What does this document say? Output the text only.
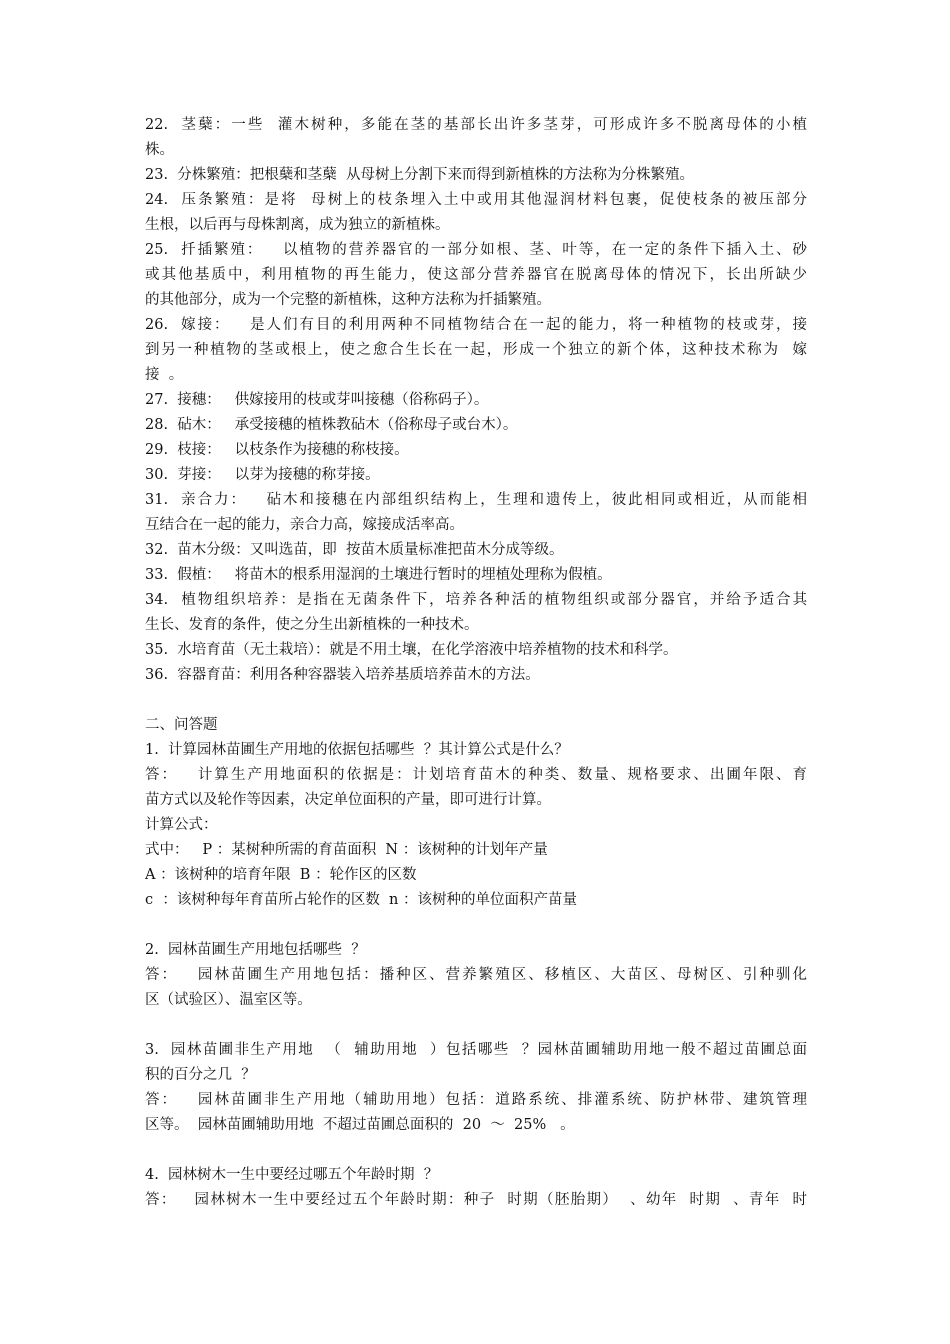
22.  茎蘖：一些  灌木树种，多能在茎的基部长出许多茎芽，可形成许多不脱离母体的小植
株。
23.  分株繁殖：把根蘖和茎蘖  从母树上分割下来而得到新植株的方法称为分株繁殖。
24.  压条繁殖：是将  母树上的枝条埋入土中或用其他湿润材料包裹，促使枝条的被压部分
生根，以后再与母株割离，成为独立的新植株。
25.  扦插繁殖：   以植物的营养器官的一部分如根、茎、叶等，在一定的条件下插入土、砂
或其他基质中，利用植物的再生能力，使这部分营养器官在脱离母体的情况下，长出所缺少
的其他部分，成为一个完整的新植株，这种方法称为扦插繁殖。
26.  嫁接：   是人们有目的利用两种不同植物结合在一起的能力，将一种植物的枝或芽，接
到另一种植物的茎或根上，使之愈合生长在一起，形成一个独立的新个体，这种技术称为  嫁
接  。
27.  接穗：   供嫁接用的枝或芽叫接穗（俗称码子）。
28.  砧木：   承受接穗的植株教砧木（俗称母子或台木）。
29.  枝接：   以枝条作为接穗的称枝接。
30.  芽接：   以芽为接穗的称芽接。
31.  亲合力：   砧木和接穗在内部组织结构上，生理和遗传上，彼此相同或相近，从而能相
互结合在一起的能力，亲合力高，嫁接成活率高。
32.  苗木分级：又叫选苗，即  按苗木质量标准把苗木分成等级。
33.  假植：   将苗木的根系用湿润的土壤进行暂时的埋植处理称为假植。
34.  植物组织培养：是指在无菌条件下，培养各种活的植物组织或部分器官，并给予适合其
生长、发育的条件，使之分生出新植株的一种技术。
35.  水培育苗（无土栽培）：就是不用土壤，在化学溶液中培养植物的技术和科学。
36.  容器育苗：利用各种容器装入培养基质培养苗木的方法。
二、问答题
1.  计算园林苗圃生产用地的依据包括哪些  ？其计算公式是什么？
答：   计算生产用地面积的依据是：计划培育苗木的种类、数量、规格要求、出圃年限、育
苗方式以及轮作等因素，决定单位面积的产量，即可进行计算。
计算公式：
式中：   P ：某树种所需的育苗面积  N ：该树种的计划年产量
A ：该树种的培育年限  B ：轮作区的区数
c  ：该树种每年育苗所占轮作的区数  n ：该树种的单位面积产苗量
2.  园林苗圃生产用地包括哪些  ？
答：   园林苗圃生产用地包括：播种区、营养繁殖区、移植区、大苗区、母树区、引种驯化
区（试验区）、温室区等。
3.  园林苗圃非生产用地  （  辅助用地  ）包括哪些  ？园林苗圃辅助用地一般不超过苗圃总面
积的百分之几  ？
答：   园林苗圃非生产用地（辅助用地）包括：道路系统、排灌系统、防护林带、建筑管理
区等。  园林苗圃辅助用地  不超过苗圃总面积的  20  ～  25%   。
4.  园林树木一生中要经过哪五个年龄时期  ？
答：   园林树木一生中要经过五个年龄时期：种子  时期（胚胎期）  、幼年  时期  、青年  时
